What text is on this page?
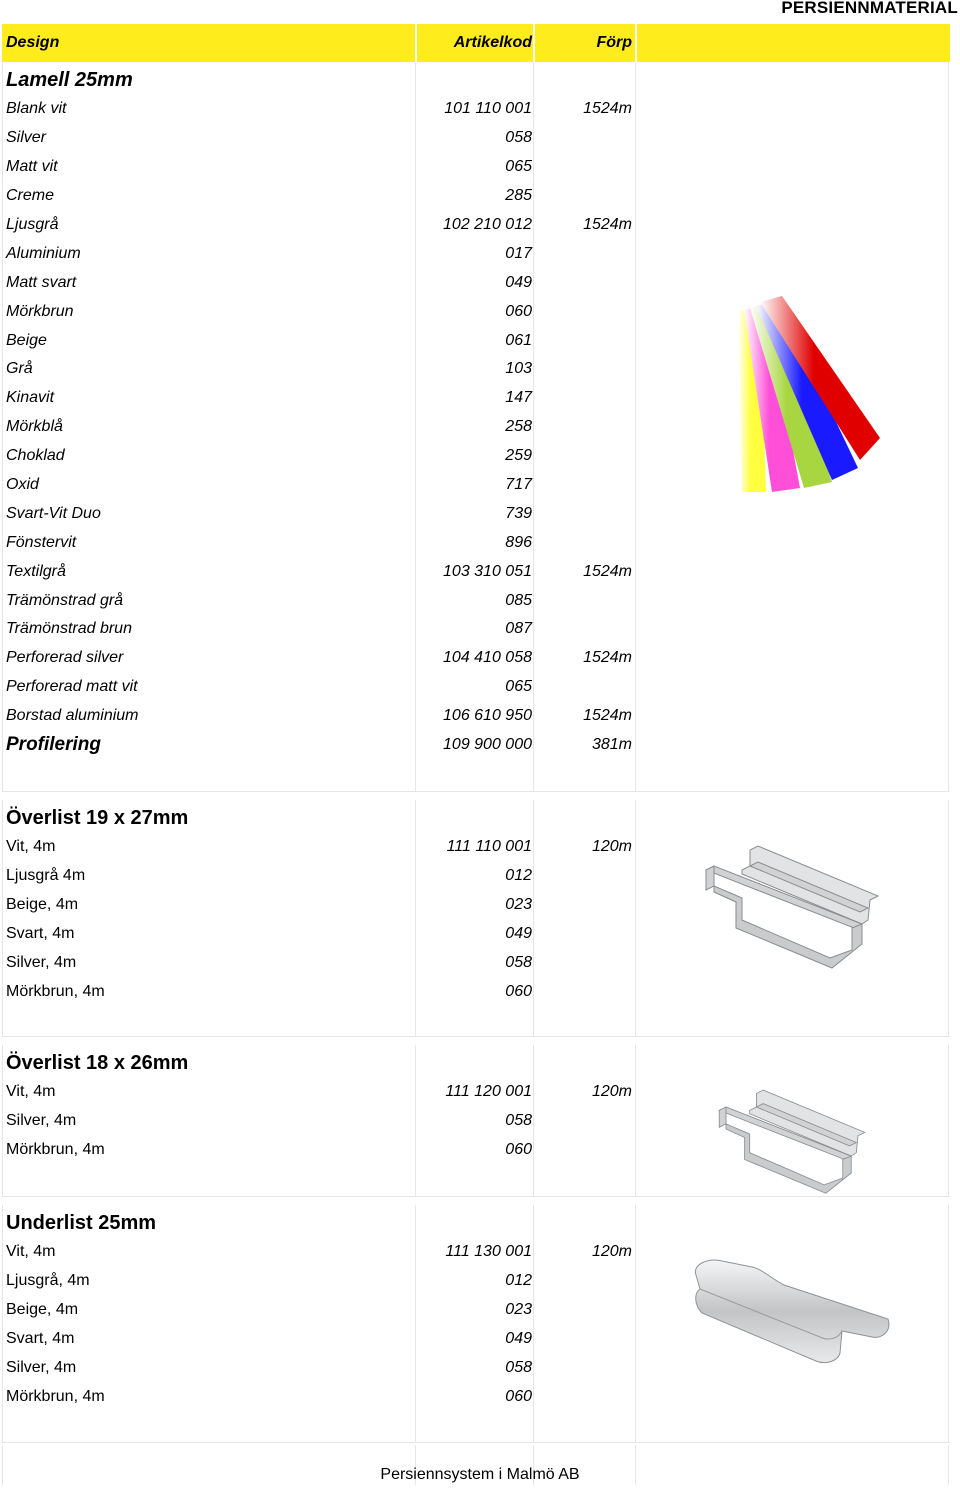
PERSIENNMATERIAL
Design	Artikelkod	Förp
Lamell 25mm
Blank vit	101 110 001	1524m
Silver	058
Matt vit	065
Creme	285
Ljusgrå	102 210 012	1524m
Aluminium	017
Matt svart	049
Mörkbrun	060
Beige	061
Grå	103
Kinavit	147
Mörkblå	258
Choklad	259
Oxid	717
Svart-Vit Duo	739
Fönstervit	896
Textilgrå	103 310 051	1524m
Trämönstrad grå	085
Trämönstrad brun	087
Perforerad silver	104 410 058	1524m
Perforerad matt vit	065
Borstad aluminium	106 610 950	1524m
Profilering	109 900 000	381m
Överlist 19 x 27mm
Vit, 4m	111 110 001	120m
Ljusgrå 4m	012
Beige, 4m	023
Svart, 4m	049
Silver, 4m	058
Mörkbrun, 4m	060
Överlist 18 x 26mm
Vit, 4m	111 120 001	120m
Silver, 4m	058
Mörkbrun, 4m	060
Underlist 25mm
Vit, 4m	111 130 001	120m
Ljusgrå, 4m	012
Beige, 4m	023
Svart, 4m	049
Silver, 4m	058
Mörkbrun, 4m	060
Persiennsystem i Malmö AB
